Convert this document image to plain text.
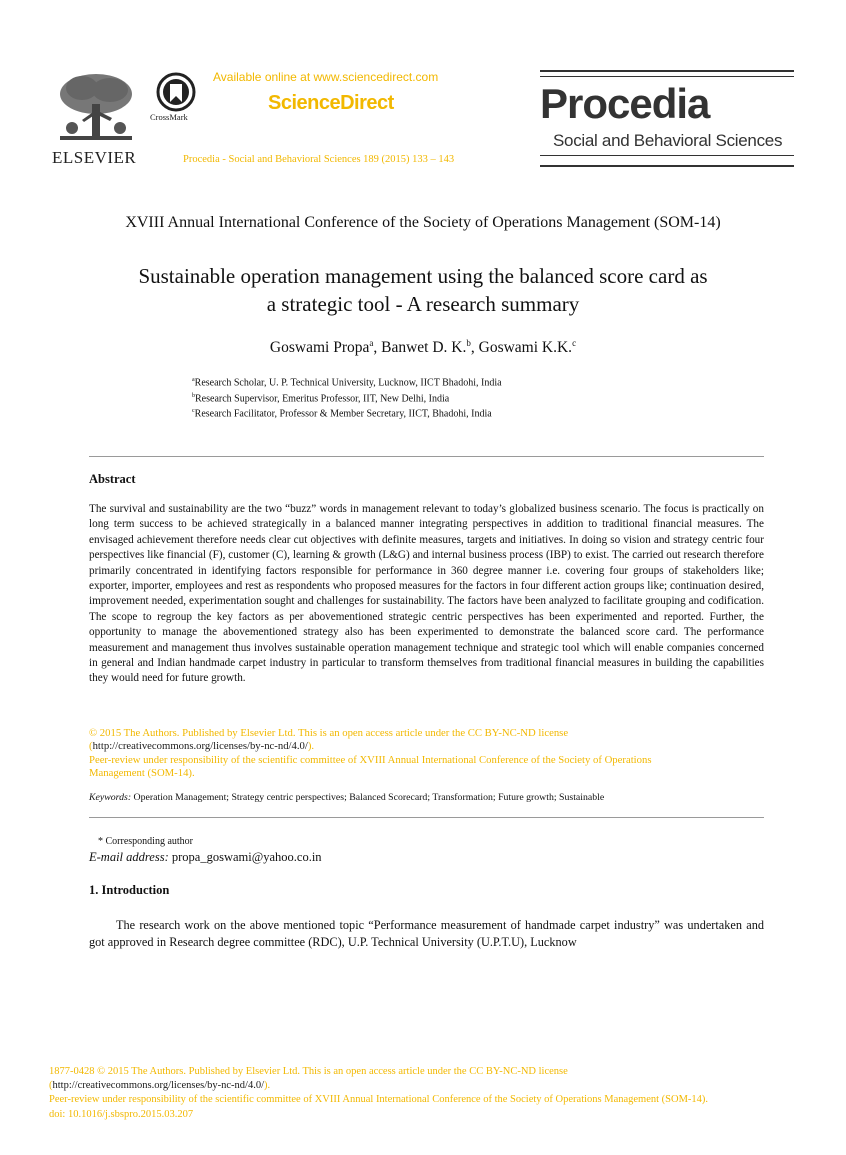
ELSEVIER
CrossMark
Available online at www.sciencedirect.com
ScienceDirect
Procedia - Social and Behavioral Sciences 189 (2015) 133 – 143
Procedia
Social and Behavioral Sciences
XVIII Annual International Conference of the Society of Operations Management (SOM-14)
Sustainable operation management using the balanced score card as
a strategic tool - A research summary
Goswami Propa$^a$, Banwet D. K.$^b$, Goswami K.K.$^c$
$^a$Research Scholar, U. P. Technical University, Lucknow, IICT Bhadohi, India
$^b$Research Supervisor, Emeritus Professor, IIT, New Delhi, India
$^c$Research Facilitator, Professor & Member Secretary, IICT, Bhadohi, India
Abstract
The survival and sustainability are the two “buzz” words in management relevant to today’s globalized business scenario. The focus is practically on long term success to be achieved strategically in a balanced manner integrating perspectives in addition to traditional financial measures. The envisaged achievement therefore needs clear cut objectives with definite measures, targets and initiatives. In doing so vision and strategy centric four perspectives like financial (F), customer (C), learning & growth (L&G) and internal business process (IBP) to exist. The carried out research therefore primarily concentrated in identifying factors responsible for performance in 360 degree manner i.e. covering four groups of stakeholders like; exporter, importer, employees and rest as respondents who proposed measures for the factors in four different action groups like; continuation desired, improvement needed, experimentation sought and challenges for sustainability. The factors have been analyzed to facilitate grouping and codification. The scope to regroup the key factors as per abovementioned strategic centric perspectives has been experimented and reported. Further, the opportunity to manage the abovementioned strategy also has been experimented to demonstrate the balanced score card. The performance measurement and management thus involves sustainable operation management technique and strategic tool which will enable companies concerned in general and Indian handmade carpet industry in particular to transform themselves from traditional financial measures in building the capabilities they would need for future growth.
© 2015 The Authors. Published by Elsevier Ltd. This is an open access article under the CC BY-NC-ND license
(http://creativecommons.org/licenses/by-nc-nd/4.0/).
Peer-review under responsibility of the scientific committee of XVIII Annual International Conference of the Society of Operations Management (SOM-14).
Keywords: Operation Management; Strategy centric perspectives; Balanced Scorecard; Transformation; Future growth; Sustainable
* Corresponding author
E-mail address: propa_goswami@yahoo.co.in
1. Introduction
The research work on the above mentioned topic “Performance measurement of handmade carpet industry” was undertaken and got approved in Research degree committee (RDC), U.P. Technical University (U.P.T.U), Lucknow
1877-0428 © 2015 The Authors. Published by Elsevier Ltd. This is an open access article under the CC BY-NC-ND license
(http://creativecommons.org/licenses/by-nc-nd/4.0/).
Peer-review under responsibility of the scientific committee of XVIII Annual International Conference of the Society of Operations Management (SOM-14).
doi: 10.1016/j.sbspro.2015.03.207
